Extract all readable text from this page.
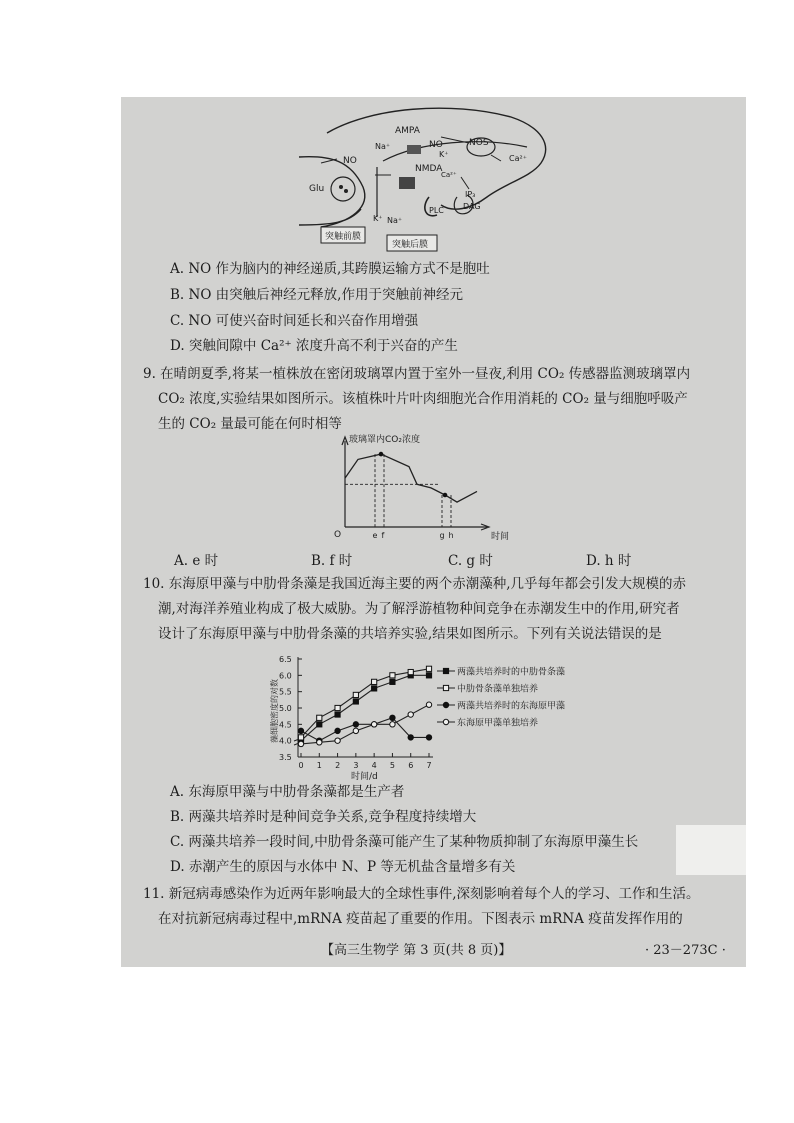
AMPA
Na⁺	NO	NOS
K⁺	Ca²⁺
NMDA
Ca²⁺
IP₃
DAG
PLC
NO
Glu
K⁺ Na⁺
突触前膜
突触后膜
A. NO 作为脑内的神经递质,其跨膜运输方式不是胞吐
B. NO 由突触后神经元释放,作用于突触前神经元
C. NO 可使兴奋时间延长和兴奋作用增强
D. 突触间隙中 Ca²⁺ 浓度升高不利于兴奋的产生
9. 在晴朗夏季,将某一植株放在密闭玻璃罩内置于室外一昼夜,利用 CO₂ 传感器监测玻璃罩内
CO₂ 浓度,实验结果如图所示。该植株叶片叶肉细胞光合作用消耗的 CO₂ 量与细胞呼吸产
生的 CO₂ 量最可能在何时相等
玻璃罩内CO₂浓度
时间
O	e f	g h
A. e 时	B. f 时	C. g 时	D. h 时
10. 东海原甲藻与中肋骨条藻是我国近海主要的两个赤潮藻种,几乎每年都会引发大规模的赤
潮,对海洋养殖业构成了极大威胁。为了解浮游植物种间竞争在赤潮发生中的作用,研究者
设计了东海原甲藻与中肋骨条藻的共培养实验,结果如图所示。下列有关说法错误的是
藻细胞密度的对数
3.5
4.0
4.5
5.0
5.5
6.0
6.5
0 1 2 3 4 5 6 7
时间/d
两藻共培养时的中肋骨条藻
中肋骨条藻单独培养
两藻共培养时的东海原甲藻
东海原甲藻单独培养
A. 东海原甲藻与中肋骨条藻都是生产者
B. 两藻共培养时是种间竞争关系,竞争程度持续增大
C. 两藻共培养一段时间,中肋骨条藻可能产生了某种物质抑制了东海原甲藻生长
D. 赤潮产生的原因与水体中 N、P 等无机盐含量增多有关
11. 新冠病毒感染作为近两年影响最大的全球性事件,深刻影响着每个人的学习、工作和生活。
在对抗新冠病毒过程中,mRNA 疫苗起了重要的作用。下图表示 mRNA 疫苗发挥作用的
【高三生物学 第 3 页(共 8 页)】	· 23－273C ·
